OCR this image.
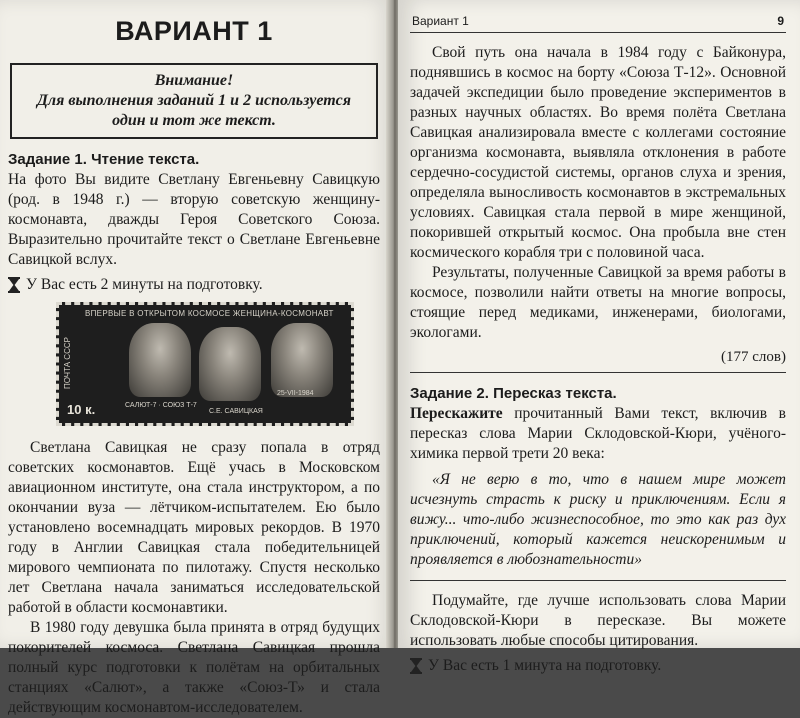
ВАРИАНТ 1
Внимание!
Для выполнения заданий 1 и 2 используется
один и тот же текст.
Задание 1. Чтение текста.

На фото Вы видите Светлану Евгеньевну Савицкую (род. в 1948 г.) — вторую советскую женщину-космонавта, дважды Героя Советского Союза. Выразительно прочитайте текст о Светлане Евгеньевне Савицкой вслух.

У Вас есть 2 минуты на подготовку.
ВПЕРВЫЕ В ОТКРЫТОМ КОСМОСЕ ЖЕНЩИНА-КОСМОНАВТ
ПОЧТА СССР
САЛЮТ-7 · СОЮЗ Т-7
С.Е. САВИЦКАЯ
25-VII-1984
10 к.

Светлана Савицкая не сразу попала в отряд советских космонавтов. Ещё учась в Московском авиационном институте, она стала инструктором, а по окончании вуза — лётчиком-испытателем. Ею было установлено восемнадцать мировых рекордов. В 1970 году в Англии Савицкая стала победительницей мирового чемпионата по пилотажу. Спустя несколько лет Светлана начала заниматься исследовательской работой в области космонавтики.

В 1980 году девушка была принята в отряд будущих покорителей космоса. Светлана Савицкая прошла полный курс подготовки к полётам на орбитальных станциях «Салют», а также «Союз-Т» и стала действующим космонавтом-исследователем.

Вариант 1	9

Свой путь она начала в 1984 году с Байконура, поднявшись в космос на борту «Союза Т-12». Основной задачей экспедиции было проведение экспериментов в разных научных областях. Во время полёта Светлана Савицкая анализировала вместе с коллегами состояние организма космонавта, выявляла отклонения в работе сердечно-сосудистой системы, органов слуха и зрения, определяла выносливость космонавтов в экстремальных условиях. Савицкая стала первой в мире женщиной, покорившей открытый космос. Она пробыла вне стен космического корабля три с половиной часа.

Результаты, полученные Савицкой за время работы в космосе, позволили найти ответы на многие вопросы, стоящие перед медиками, инженерами, биологами, экологами.

(177 слов)
Задание 2. Пересказ текста.

Перескажите прочитанный Вами текст, включив в пересказ слова Марии Склодовской-Кюри, учёного-химика первой трети 20 века:

«Я не верю в то, что в нашем мире может исчезнуть страсть к риску и приключениям. Если я вижу... что-либо жизнеспособное, то это как раз дух приключений, который кажется неискоренимым и проявляется в любознательности»

Подумайте, где лучше использовать слова Марии Склодовской-Кюри в пересказе. Вы можете использовать любые способы цитирования.

У Вас есть 1 минута на подготовку.
